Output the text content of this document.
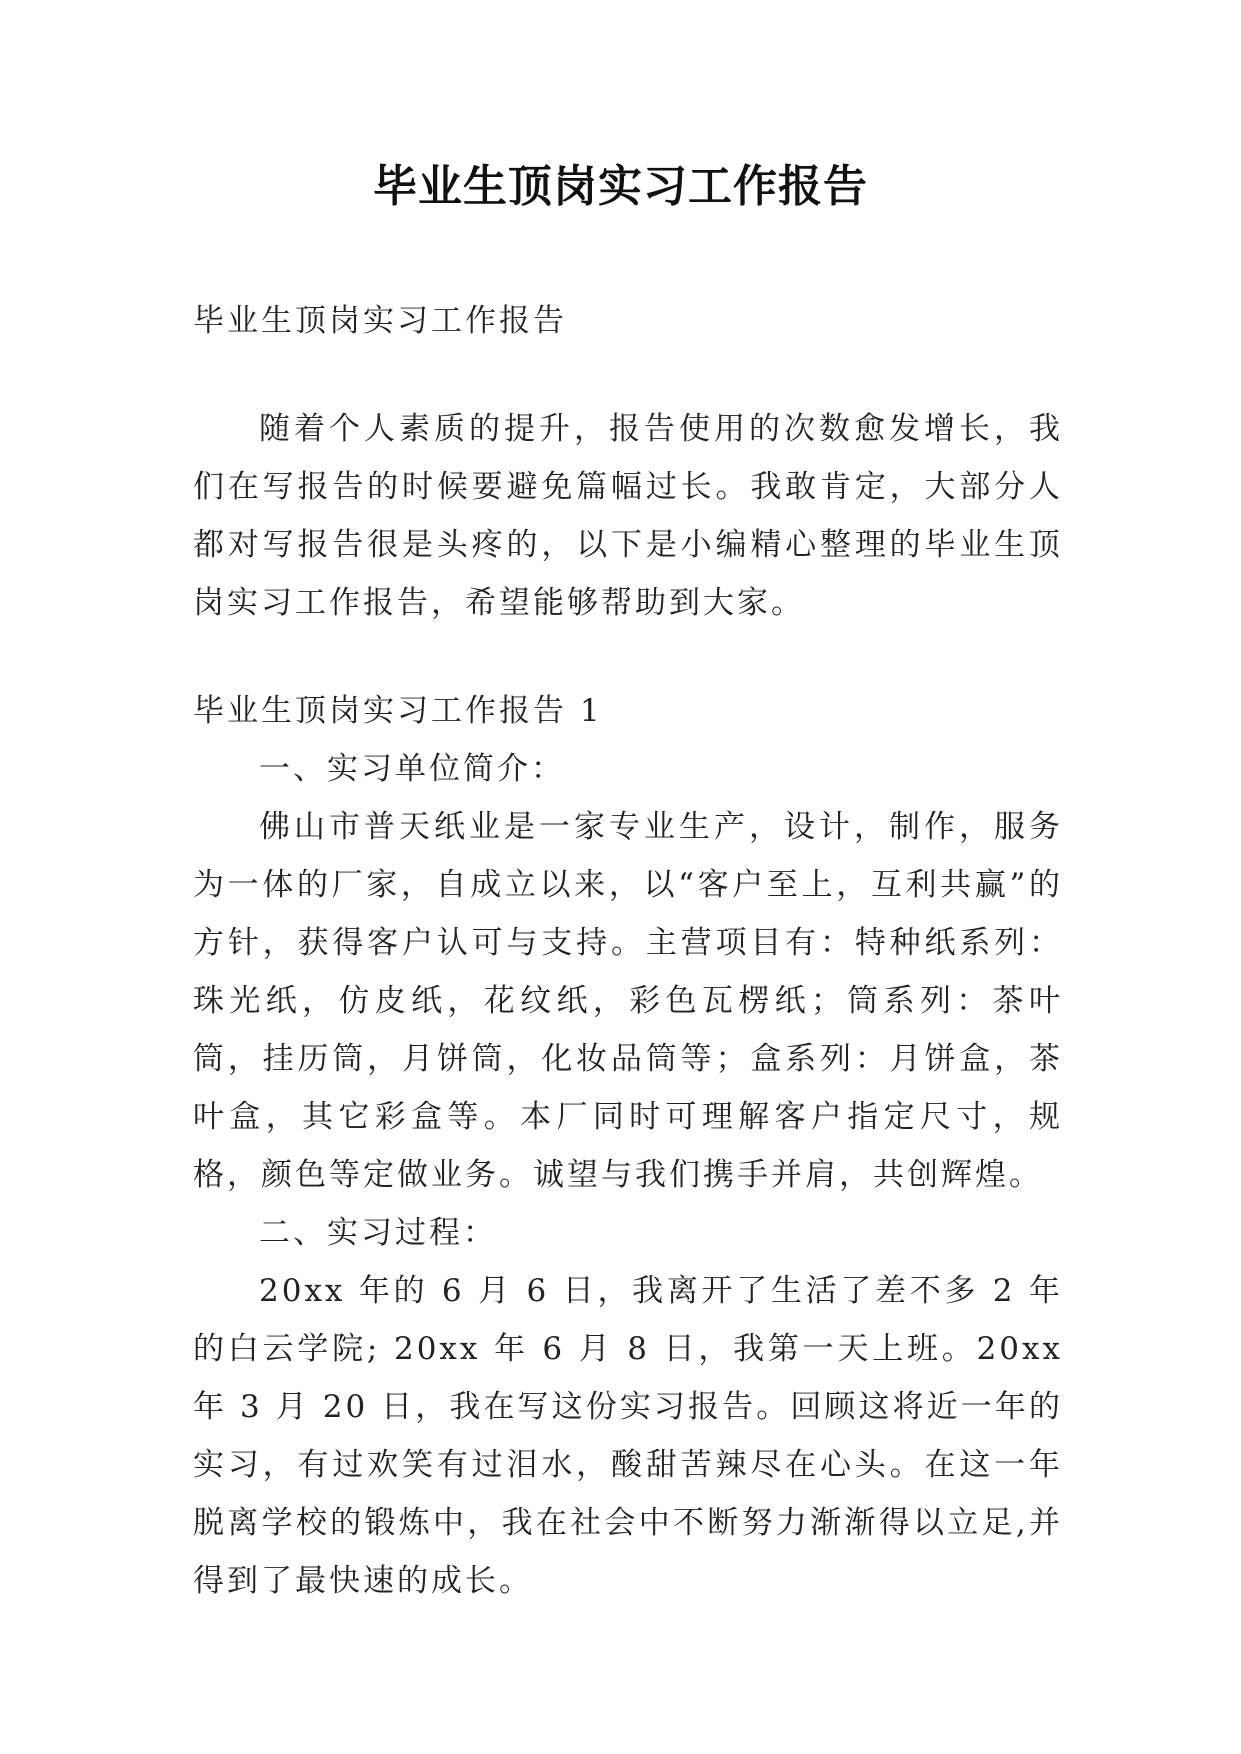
毕业生顶岗实习工作报告

毕业生顶岗实习工作报告

随着个人素质的提升，报告使用的次数愈发增长，我们在写报告的时候要避免篇幅过长。我敢肯定，大部分人都对写报告很是头疼的，以下是小编精心整理的毕业生顶岗实习工作报告，希望能够帮助到大家。

毕业生顶岗实习工作报告 1

一、实习单位简介：

佛山市普天纸业是一家专业生产，设计，制作，服务为一体的厂家，自成立以来，以“客户至上，互利共赢”的方针，获得客户认可与支持。主营项目有：特种纸系列：珠光纸，仿皮纸，花纹纸，彩色瓦楞纸；筒系列：茶叶筒，挂历筒，月饼筒，化妆品筒等；盒系列：月饼盒，茶叶盒，其它彩盒等。本厂同时可理解客户指定尺寸，规格，颜色等定做业务。诚望与我们携手并肩，共创辉煌。

二、实习过程：

20xx 年的 6 月 6 日，我离开了生活了差不多 2 年的白云学院; 20xx 年 6 月 8 日，我第一天上班。20xx 年 3 月 20 日，我在写这份实习报告。回顾这将近一年的实习，有过欢笑有过泪水，酸甜苦辣尽在心头。在这一年脱离学校的锻炼中，我在社会中不断努力渐渐得以立足,并得到了最快速的成长。
